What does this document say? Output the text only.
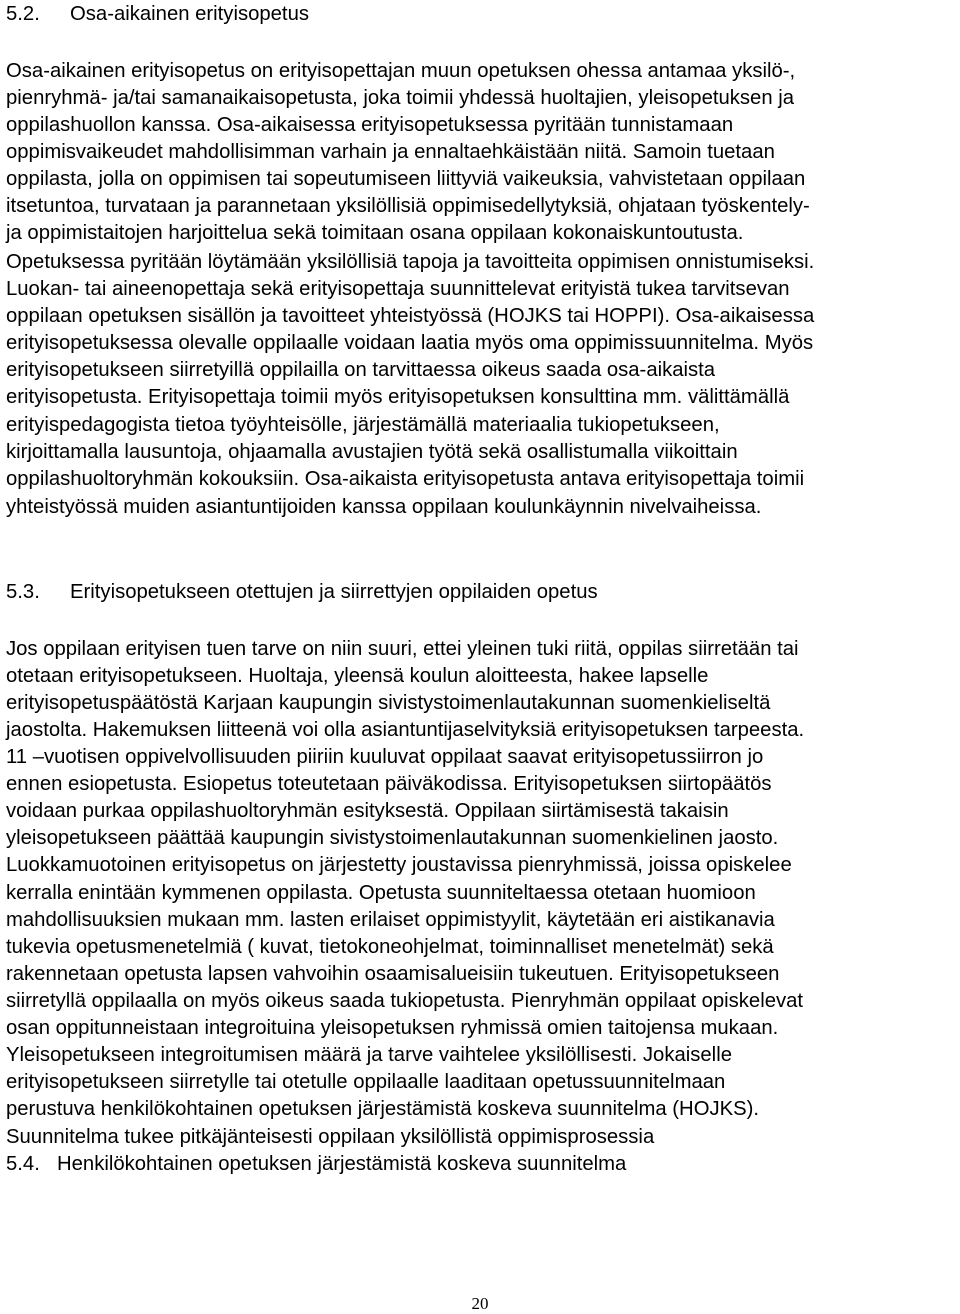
5.2. Osa-aikainen erityisopetus
Osa-aikainen erityisopetus on erityisopettajan muun opetuksen ohessa antamaa yksilö-,
pienryhmä- ja/tai samanaikaisopetusta, joka toimii yhdessä huoltajien, yleisopetuksen ja
oppilashuollon kanssa. Osa-aikaisessa erityisopetuksessa pyritään tunnistamaan
oppimisvaikeudet mahdollisimman varhain ja ennaltaehkäistään niitä. Samoin tuetaan
oppilasta, jolla on oppimisen tai sopeutumiseen liittyviä vaikeuksia, vahvistetaan oppilaan
itsetuntoa, turvataan ja parannetaan yksilöllisiä oppimisedellytyksiä, ohjataan työskentely-
ja oppimistaitojen harjoittelua sekä toimitaan osana oppilaan kokonaiskuntoutusta.
Opetuksessa pyritään löytämään yksilöllisiä tapoja ja tavoitteita oppimisen onnistumiseksi.
Luokan- tai aineenopettaja sekä erityisopettaja suunnittelevat erityistä tukea tarvitsevan
oppilaan opetuksen sisällön ja tavoitteet yhteistyössä (HOJKS tai HOPPI). Osa-aikaisessa
erityisopetuksessa olevalle oppilaalle voidaan laatia myös oma oppimissuunnitelma. Myös
erityisopetukseen siirretyillä oppilailla on tarvittaessa oikeus saada osa-aikaista
erityisopetusta. Erityisopettaja toimii myös erityisopetuksen konsulttina mm. välittämällä
erityispedagogista tietoa työyhteisölle, järjestämällä materiaalia tukiopetukseen,
kirjoittamalla lausuntoja, ohjaamalla avustajien työtä sekä osallistumalla viikoittain
oppilashuoltoryhmän kokouksiin. Osa-aikaista erityisopetusta antava erityisopettaja toimii
yhteistyössä muiden asiantuntijoiden kanssa oppilaan koulunkäynnin nivelvaiheissa.
5.3. Erityisopetukseen otettujen ja siirrettyjen oppilaiden opetus
Jos oppilaan erityisen tuen tarve on niin suuri, ettei yleinen tuki riitä, oppilas siirretään tai
otetaan erityisopetukseen. Huoltaja, yleensä koulun aloitteesta, hakee lapselle
erityisopetuspäätöstä Karjaan kaupungin sivistystoimenlautakunnan suomenkieliseltä
jaostolta. Hakemuksen liitteenä voi olla asiantuntijaselvityksiä erityisopetuksen tarpeesta.
11 –vuotisen oppivelvollisuuden piiriin kuuluvat oppilaat saavat erityisopetussiirron jo
ennen esiopetusta. Esiopetus toteutetaan päiväkodissa. Erityisopetuksen siirtopäätös
voidaan purkaa oppilashuoltoryhmän esityksestä. Oppilaan siirtämisestä takaisin
yleisopetukseen päättää kaupungin sivistystoimenlautakunnan suomenkielinen jaosto.
Luokkamuotoinen erityisopetus on järjestetty joustavissa pienryhmissä, joissa opiskelee
kerralla enintään kymmenen oppilasta. Opetusta suunniteltaessa otetaan huomioon
mahdollisuuksien mukaan mm. lasten erilaiset oppimistyylit, käytetään eri aistikanavia
tukevia opetusmenetelmiä ( kuvat, tietokoneohjelmat, toiminnalliset menetelmät) sekä
rakennetaan opetusta lapsen vahvoihin osaamisalueisiin tukeutuen. Erityisopetukseen
siirretyllä oppilaalla on myös oikeus saada tukiopetusta. Pienryhmän oppilaat opiskelevat
osan oppitunneistaan integroituina yleisopetuksen ryhmissä omien taitojensa mukaan.
Yleisopetukseen integroitumisen määrä ja tarve vaihtelee yksilöllisesti. Jokaiselle
erityisopetukseen siirretylle tai otetulle oppilaalle laaditaan opetussuunnitelmaan
perustuva henkilökohtainen opetuksen järjestämistä koskeva suunnitelma (HOJKS).
Suunnitelma tukee pitkäjänteisesti oppilaan yksilöllistä oppimisprosessia
5.4. Henkilökohtainen opetuksen järjestämistä koskeva suunnitelma
20
